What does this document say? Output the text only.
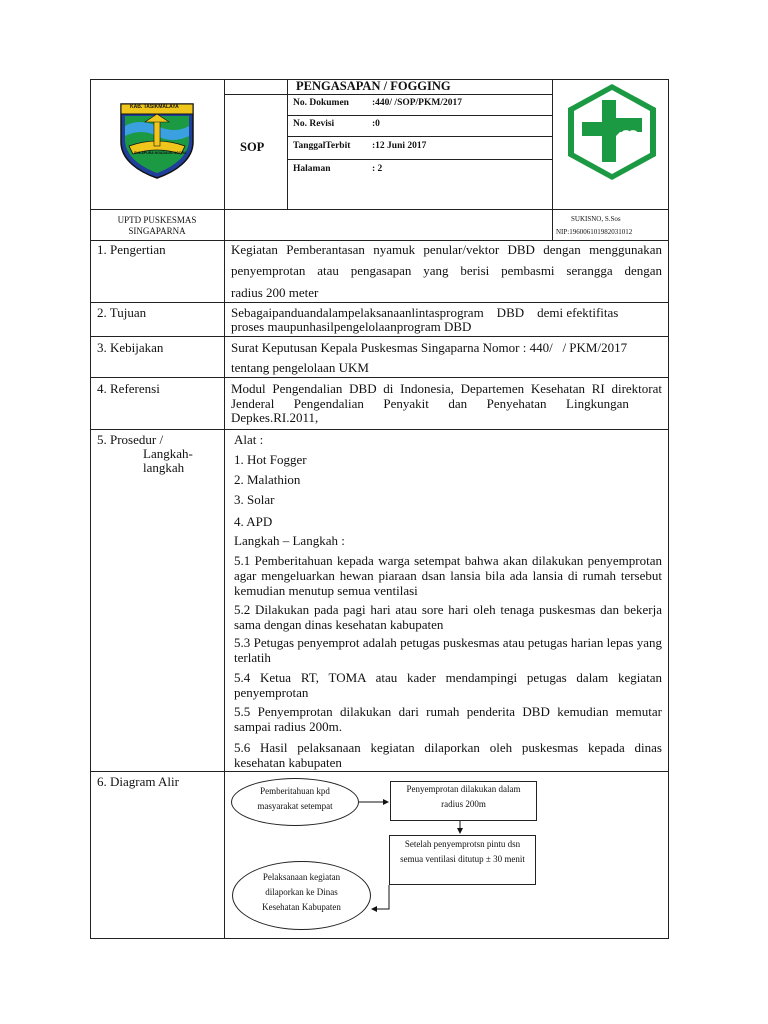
KAB. TASIKMALAYA
SUKAPURA NGADAUN NGORA
PENGASAPAN / FOGGING
SOP
No. Dokumen :440/ /SOP/PKM/2017
No. Revisi	:0
TanggalTerbit :12 Juni 2017
Halaman	: 2
UPTD PUSKESMAS
SINGAPARNA
SUKISNO, S.Sos
NIP:196006101982031012
1. Pengertian	Kegiatan Pemberantasan nyamuk penular/vektor DBD dengan menggunakan
penyemprotan atau pengasapan yang berisi pembasmi serangga dengan
radius 200 meter
2. Tujuan	Sebagaipanduandalampelaksanaanlintasprogram    DBD    demi efektifitas
proses maupunhasilpengelolaanprogram DBD
3. Kebijakan	Surat Keputusan Kepala Puskesmas Singaparna Nomor : 440/   / PKM/2017
tentang pengelolaan UKM
4. Referensi	Modul Pengendalian DBD di Indonesia, Departemen Kesehatan RI direktorat
Jenderal      Pengendalian      Penyakit      dan      Penyehatan      Lingkungan
Depkes.RI.2011,
5. Prosedur /
Langkah-
langkah
Alat :
1. Hot Fogger
2. Malathion
3. Solar
4. APD
Langkah – Langkah :
5.1 Pemberitahuan kepada warga setempat bahwa akan dilakukan penyemprotan agar mengeluarkan hewan piaraan dsan lansia bila ada lansia di rumah tersebut kemudian menutup semua ventilasi
5.2 Dilakukan pada pagi hari atau sore hari oleh tenaga puskesmas dan bekerja sama dengan dinas kesehatan kabupaten
5.3 Petugas penyemprot adalah petugas puskesmas atau petugas harian lepas yang terlatih
5.4 Ketua RT, TOMA atau kader mendampingi petugas dalam kegiatan penyemprotan
5.5 Penyemprotan dilakukan dari rumah penderita DBD kemudian memutar sampai radius 200m.
5.6 Hasil pelaksanaan kegiatan dilaporkan oleh puskesmas kepada dinas kesehatan kabupaten
6. Diagram Alir
Pemberitahuan kpd masyarakat setempat
Penyemprotan dilakukan dalam radius 200m
Setelah penyemprotsn pintu dsn semua ventilasi ditutup ± 30 menit
Pelaksanaan kegiatan dilaporkan ke Dinas Kesehatan Kabupaten
